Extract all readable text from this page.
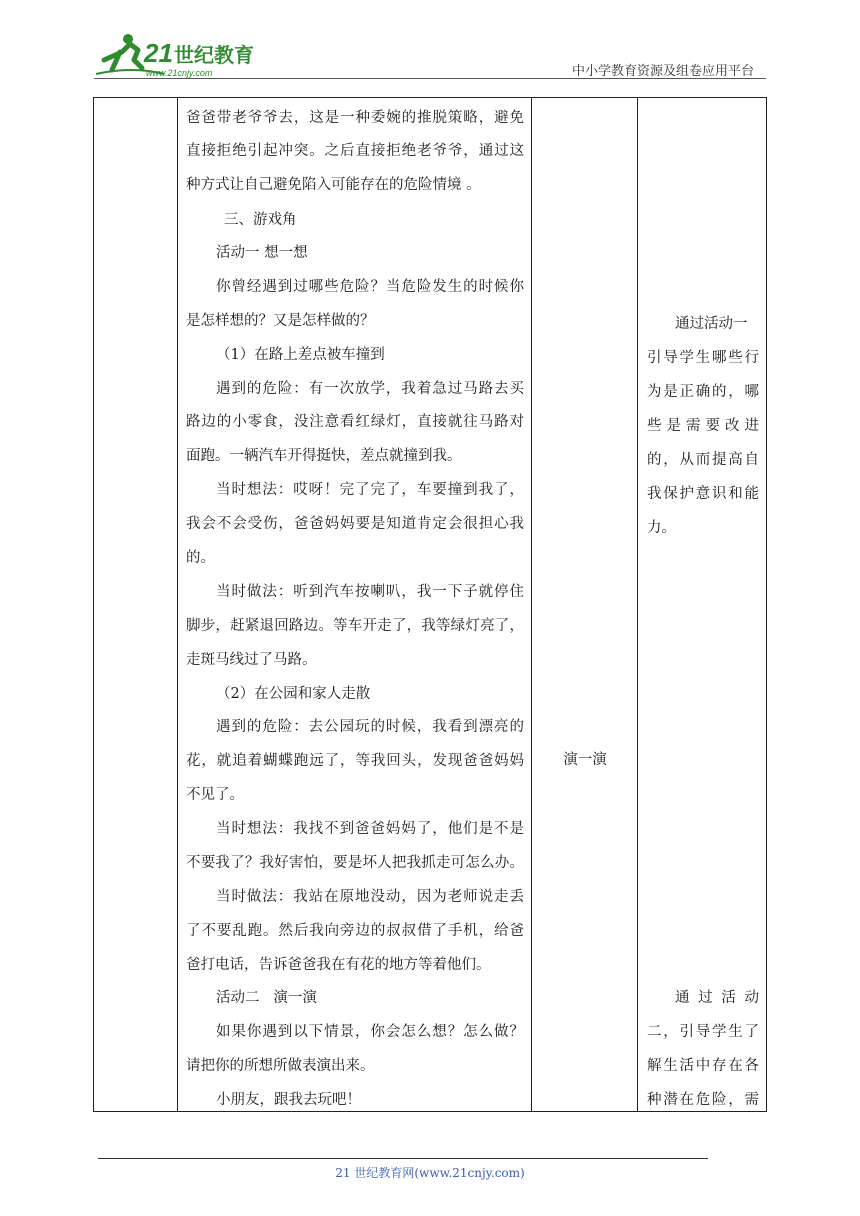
21 世纪教育
www.21cnjy.com	中小学教育资源及组卷应用平台
爸爸带老爷爷去，这是一种委婉的推脱策略，避免
直接拒绝引起冲突。之后直接拒绝老爷爷，通过这
种方式让自己避免陷入可能存在的危险情境 。
三、游戏角
活动一 想一想
你曾经遇到过哪些危险？当危险发生的时候你
是怎样想的？又是怎样做的？
（1）在路上差点被车撞到
遇到的危险：有一次放学，我着急过马路去买
路边的小零食，没注意看红绿灯，直接就往马路对
面跑。一辆汽车开得挺快，差点就撞到我。
当时想法：哎呀！完了完了，车要撞到我了，
我会不会受伤，爸爸妈妈要是知道肯定会很担心我
的。
当时做法：听到汽车按喇叭，我一下子就停住
脚步，赶紧退回路边。等车开走了，我等绿灯亮了，
走斑马线过了马路。
（2）在公园和家人走散
遇到的危险：去公园玩的时候，我看到漂亮的
花，就追着蝴蝶跑远了，等我回头，发现爸爸妈妈
不见了。
当时想法：我找不到爸爸妈妈了，他们是不是
不要我了？我好害怕，要是坏人把我抓走可怎么办。
当时做法：我站在原地没动，因为老师说走丢
了不要乱跑。然后我向旁边的叔叔借了手机，给爸
爸打电话，告诉爸爸我在有花的地方等着他们。
活动二   演一演
如果你遇到以下情景，你会怎么想？怎么做？
请把你的所想所做表演出来。
小朋友，跟我去玩吧！
演一演
通过活动一
引导学生哪些行
为是正确的，哪
些是需要改进
的，从而提高自
我保护意识和能
力。
通过活动
二，引导学生了
解生活中存在各
种潜在危险，需
21 世纪教育网(www.21cnjy.com)
